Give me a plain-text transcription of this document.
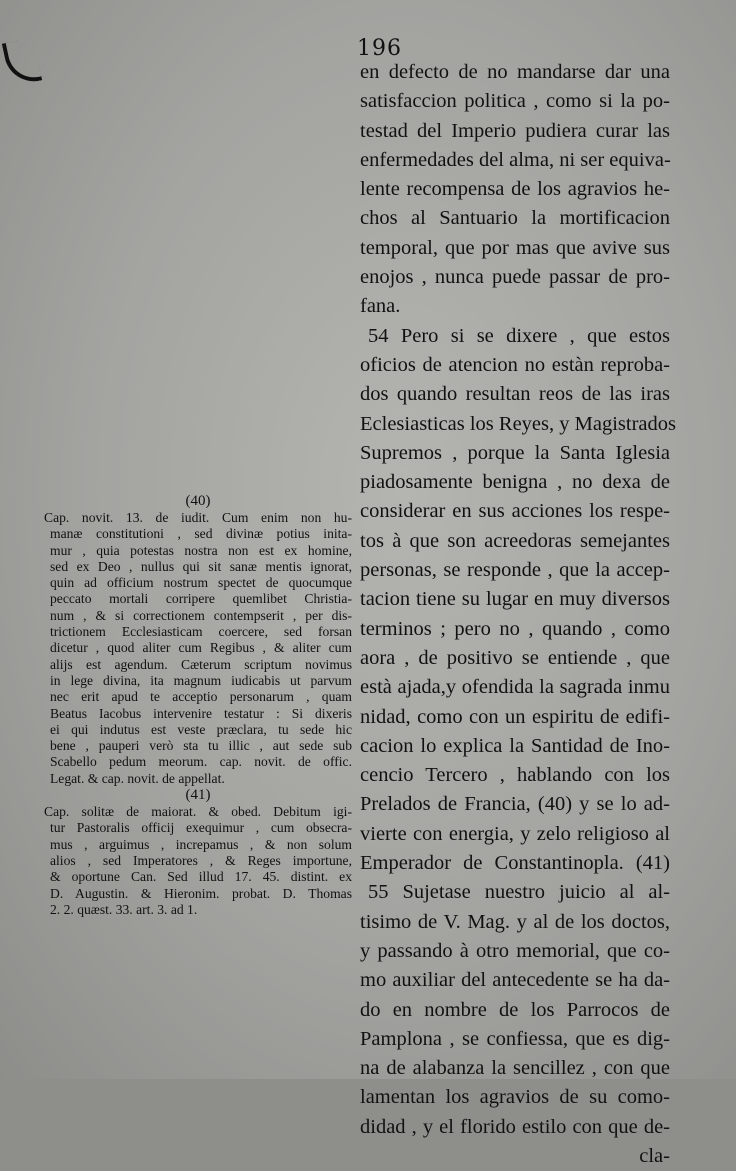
196
en defecto de no mandarse dar una
satisfaccion politica , como si la po-
testad del Imperio pudiera curar las
enfermedades del alma, ni ser equiva-
lente recompensa de los agravios he-
chos al Santuario la mortificacion
temporal, que por mas que avive sus
enojos , nunca puede passar de pro-
fana.
54 Pero si se dixere , que estos
oficios de atencion no estàn reproba-
dos quando resultan reos de las iras
Eclesiasticas los Reyes, y Magistrados
Supremos , porque la Santa Iglesia
piadosamente benigna , no dexa de
considerar en sus acciones los respe-
tos à que son acreedoras semejantes
personas, se responde , que la accep-
tacion tiene su lugar en muy diversos
terminos ; pero no , quando , como
aora , de positivo se entiende , que
està ajada,y ofendida la sagrada inmu
nidad, como con un espiritu de edifi-
cacion lo explica la Santidad de Ino-
cencio Tercero , hablando con los
Prelados de Francia, (40) y se lo ad-
vierte con energia, y zelo religioso al
Emperador de Constantinopla. (41)
55 Sujetase nuestro juicio al al-
tisimo de V. Mag. y al de los doctos,
y passando à otro memorial, que co-
mo auxiliar del antecedente se ha da-
do en nombre de los Parrocos de
Pamplona , se confiessa, que es dig-
na de alabanza la sencillez , con que
lamentan los agravios de su como-
didad , y el florido estilo con que de-
cla-
(40)
Cap. novit. 13. de iudit. Cum enim non hu-
manæ constitutioni , sed divinæ potius inita-
mur , quia potestas nostra non est ex homine,
sed ex Deo , nullus qui sit sanæ mentis ignorat,
quin ad officium nostrum spectet de quocumque
peccato mortali corripere quemlibet Christia-
num , & si correctionem contempserit , per dis-
trictionem Ecclesiasticam coercere, sed forsan
dicetur , quod aliter cum Regibus , & aliter cum
alijs est agendum. Cæterum scriptum novimus
in lege divina, ita magnum iudicabis ut parvum
nec erit apud te acceptio personarum , quam
Beatus Iacobus intervenire testatur : Si dixeris
ei qui indutus est veste præclara, tu sede hic
bene , pauperi verò sta tu illic , aut sede sub
Scabello pedum meorum. cap. novit. de offic.
Legat. & cap. novit. de appellat.
(41)
Cap. solitæ de maiorat. & obed. Debitum igi-
tur Pastoralis officij exequimur , cum obsecra-
mus , arguimus , increpamus , & non solum
alios , sed Imperatores , & Reges importune,
& oportune Can. Sed illud 17. 45. distint. ex
D. Augustin. & Hieronim. probat. D. Thomas
2. 2. quæst. 33. art. 3. ad 1.
